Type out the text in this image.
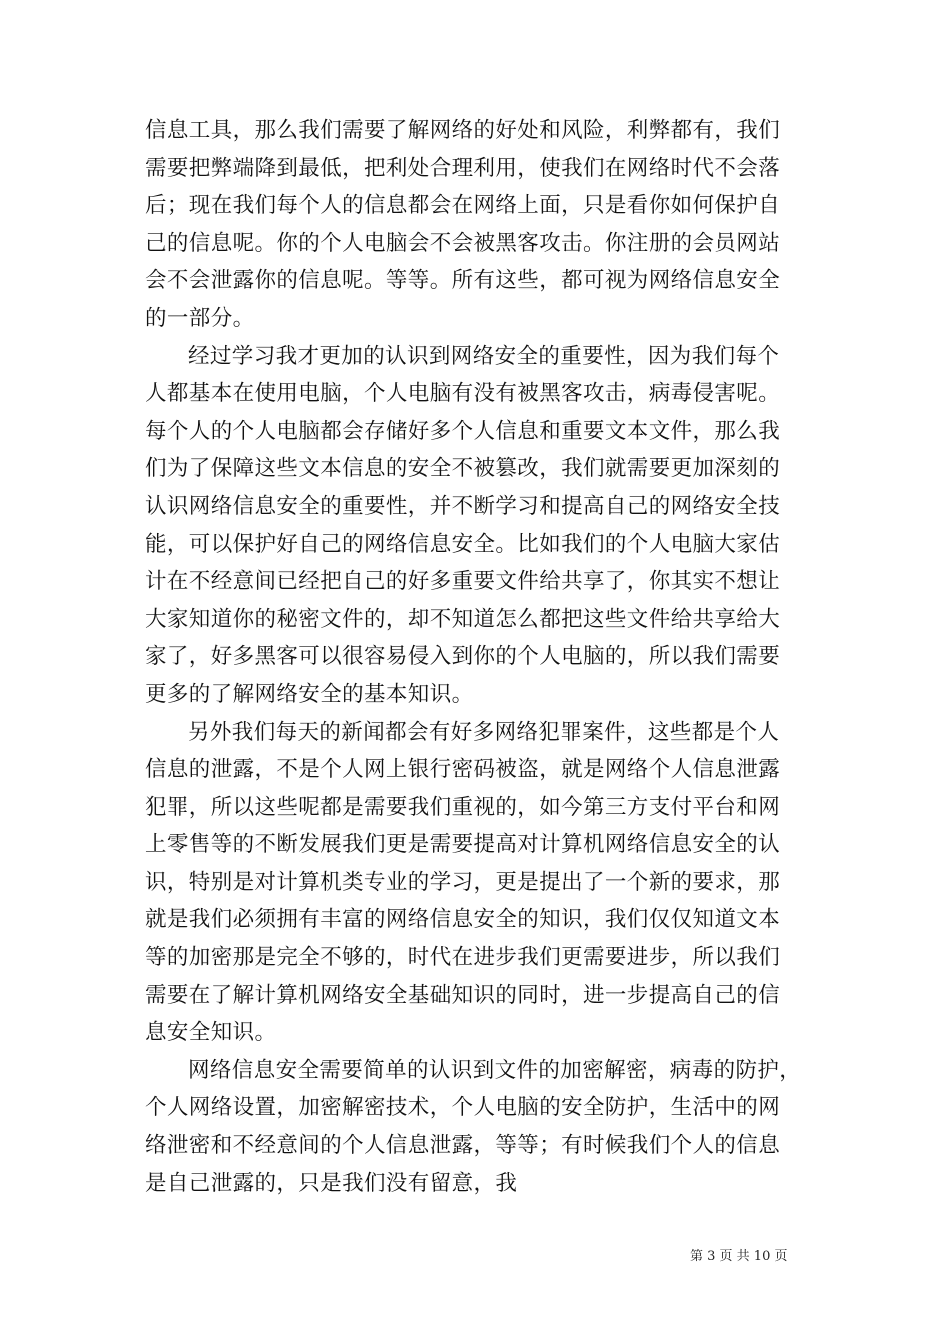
信息工具，那么我们需要了解网络的好处和风险，利弊都有，我们
需要把弊端降到最低，把利处合理利用，使我们在网络时代不会落
后；现在我们每个人的信息都会在网络上面，只是看你如何保护自
己的信息呢。你的个人电脑会不会被黑客攻击。你注册的会员网站
会不会泄露你的信息呢。等等。所有这些，都可视为网络信息安全
的一部分。
经过学习我才更加的认识到网络安全的重要性，因为我们每个
人都基本在使用电脑，个人电脑有没有被黑客攻击，病毒侵害呢。
每个人的个人电脑都会存储好多个人信息和重要文本文件，那么我
们为了保障这些文本信息的安全不被篡改，我们就需要更加深刻的
认识网络信息安全的重要性，并不断学习和提高自己的网络安全技
能，可以保护好自己的网络信息安全。比如我们的个人电脑大家估
计在不经意间已经把自己的好多重要文件给共享了，你其实不想让
大家知道你的秘密文件的，却不知道怎么都把这些文件给共享给大
家了，好多黑客可以很容易侵入到你的个人电脑的，所以我们需要
更多的了解网络安全的基本知识。
另外我们每天的新闻都会有好多网络犯罪案件，这些都是个人
信息的泄露，不是个人网上银行密码被盗，就是网络个人信息泄露
犯罪，所以这些呢都是需要我们重视的，如今第三方支付平台和网
上零售等的不断发展我们更是需要提高对计算机网络信息安全的认
识，特别是对计算机类专业的学习，更是提出了一个新的要求，那
就是我们必须拥有丰富的网络信息安全的知识，我们仅仅知道文本
等的加密那是完全不够的，时代在进步我们更需要进步，所以我们
需要在了解计算机网络安全基础知识的同时，进一步提高自己的信
息安全知识。
网络信息安全需要简单的认识到文件的加密解密，病毒的防护，
个人网络设置，加密解密技术，个人电脑的安全防护，生活中的网
络泄密和不经意间的个人信息泄露，等等；有时候我们个人的信息
是自己泄露的，只是我们没有留意，我
第 3 页 共 10 页
